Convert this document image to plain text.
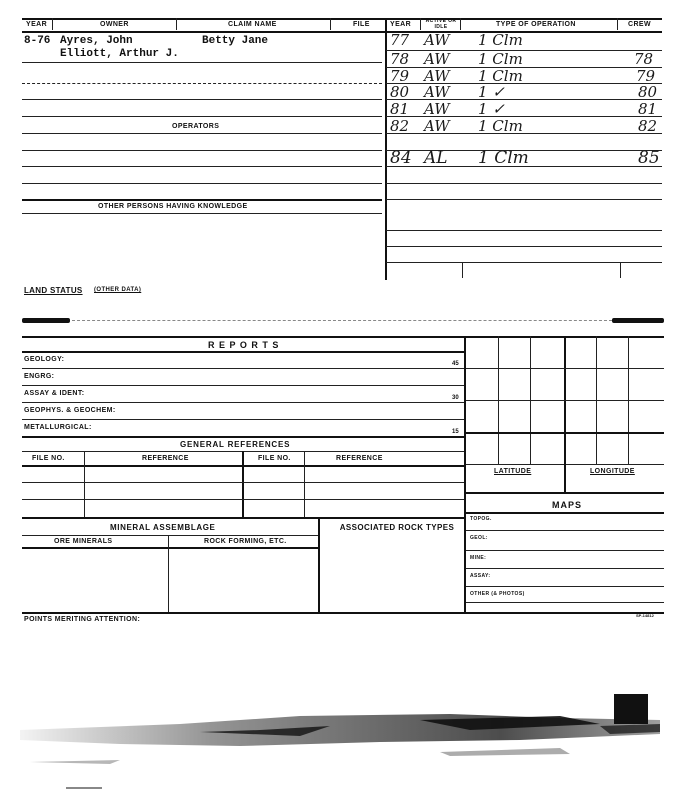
YEAR	OWNER	CLAIM NAME	FILE
8-76 Ayres, John	Betty Jane
Elliott, Arthur J.
OPERATORS
OTHER PERSONS HAVING KNOWLEDGE
YEAR	ACTIVE OR IDLE	TYPE OF OPERATION	CREW
77 AW 1 Clm
78 AW 1 Clm	78
79 AW 1 Clm	79
80 AW 1 ✓	80
81 AW 1 ✓	81
82 AW 1 Clm	82
84 AL 1 Clm	85
LAND STATUS (OTHER DATA)
R E P O R T S
GEOLOGY:
45
ENGRG:
ASSAY & IDENT:
30
GEOPHYS. & GEOCHEM:
METALLURGICAL:
15
GENERAL REFERENCES
FILE NO.	REFERENCE	FILE NO.	REFERENCE
LATITUDE	LONGITUDE
MAPS
TOPOG.
GEOL:
MINE:
ASSAY:
OTHER (& PHOTOS)
MINERAL ASSEMBLAGE
ORE MINERALS	ROCK FORMING, ETC.
ASSOCIATED ROCK TYPES
POINTS MERITING ATTENTION:
SP-14812
